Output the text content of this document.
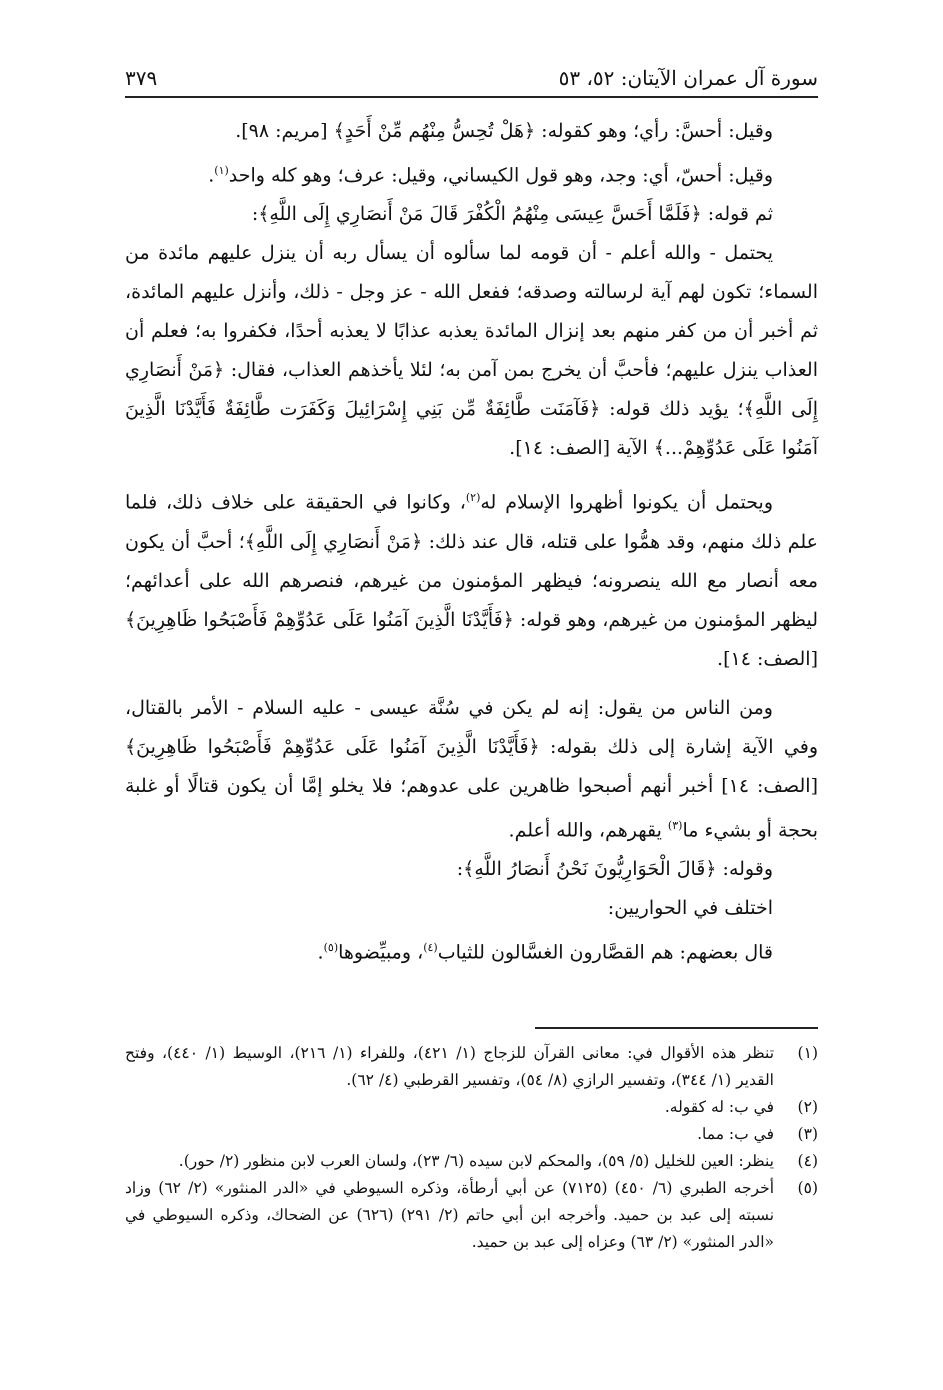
سورة آل عمران الآيتان: ٥٢، ٥٣
٣٧٩

وقيل: أحسَّ: رأي؛ وهو كقوله: ﴿هَلْ تُحِسُّ مِنْهُم مِّنْ أَحَدٍ﴾ [مريم: ٩٨].

وقيل: أحسّ، أي: وجد، وهو قول الكيساني، وقيل: عرف؛ وهو كله واحد$^{(١)}$.

ثم قوله: ﴿فَلَمَّا أَحَسَّ عِيسَى مِنْهُمُ الْكُفْرَ قَالَ مَنْ أَنصَارِي إِلَى اللَّهِ﴾:

يحتمل - والله أعلم - أن قومه لما سألوه أن يسأل ربه أن ينزل عليهم مائدة من السماء؛ تكون لهم آية لرسالته وصدقه؛ ففعل الله - عز وجل - ذلك، وأنزل عليهم المائدة، ثم أخبر أن من كفر منهم بعد إنزال المائدة يعذبه عذابًا لا يعذبه أحدًا، فكفروا به؛ فعلم أن العذاب ينزل عليهم؛ فأحبَّ أن يخرج بمن آمن به؛ لئلا يأخذهم العذاب، فقال: ﴿مَنْ أَنصَارِي إِلَى اللَّهِ﴾؛ يؤيد ذلك قوله: ﴿فَآمَنَت طَّائِفَةٌ مِّن بَنِي إِسْرَائِيلَ وَكَفَرَت طَّائِفَةٌ فَأَيَّدْنَا الَّذِينَ آمَنُوا عَلَى عَدُوِّهِمْ...﴾ الآية [الصف: ١٤].

ويحتمل أن يكونوا أظهروا الإسلام له$^{(٢)}$، وكانوا في الحقيقة على خلاف ذلك، فلما علم ذلك منهم، وقد همُّوا على قتله، قال عند ذلك: ﴿مَنْ أَنصَارِي إِلَى اللَّهِ﴾؛ أحبَّ أن يكون معه أنصار مع الله ينصرونه؛ فيظهر المؤمنون من غيرهم، فنصرهم الله على أعدائهم؛ ليظهر المؤمنون من غيرهم، وهو قوله: ﴿فَأَيَّدْنَا الَّذِينَ آمَنُوا عَلَى عَدُوِّهِمْ فَأَصْبَحُوا ظَاهِرِينَ﴾ [الصف: ١٤].

ومن الناس من يقول: إنه لم يكن في سُنَّة عيسى - عليه السلام - الأمر بالقتال، وفي الآية إشارة إلى ذلك بقوله: ﴿فَأَيَّدْنَا الَّذِينَ آمَنُوا عَلَى عَدُوِّهِمْ فَأَصْبَحُوا ظَاهِرِينَ﴾ [الصف: ١٤] أخبر أنهم أصبحوا ظاهرين على عدوهم؛ فلا يخلو إمَّا أن يكون قتالًا أو غلبة بحجة أو بشيء ما$^{(٣)}$ يقهرهم، والله أعلم.

وقوله: ﴿قَالَ الْحَوَارِيُّونَ نَحْنُ أَنصَارُ اللَّهِ﴾:

اختلف في الحواريين:

قال بعضهم: هم القصَّارون الغسَّالون للثياب$^{(٤)}$، ومبيِّضوها$^{(٥)}$.

(١)
تنظر هذه الأقوال في: معانى القرآن للزجاج (١/ ٤٢١)، وللفراء (١/ ٢١٦)، الوسيط (١/ ٤٤٠)، وفتح القدير (١/ ٣٤٤)، وتفسير الرازي (٨/ ٥٤)، وتفسير القرطبي (٤/ ٦٢).
(٢)
في ب: له كقوله.
(٣)
في ب: مما.
(٤)
ينظر: العين للخليل (٥/ ٥٩)، والمحكم لابن سيده (٦/ ٢٣)، ولسان العرب لابن منظور (٢/ حور).
(٥)
أخرجه الطبري (٦/ ٤٥٠) (٧١٢٥) عن أبي أرطأة، وذكره السيوطي في «الدر المنثور» (٢/ ٦٢) وزاد نسبته إلى عبد بن حميد. وأخرجه ابن أبي حاتم (٢/ ٢٩١) (٦٢٦) عن الضحاك، وذكره السيوطي في «الدر المنثور» (٢/ ٦٣) وعزاه إلى عبد بن حميد.
